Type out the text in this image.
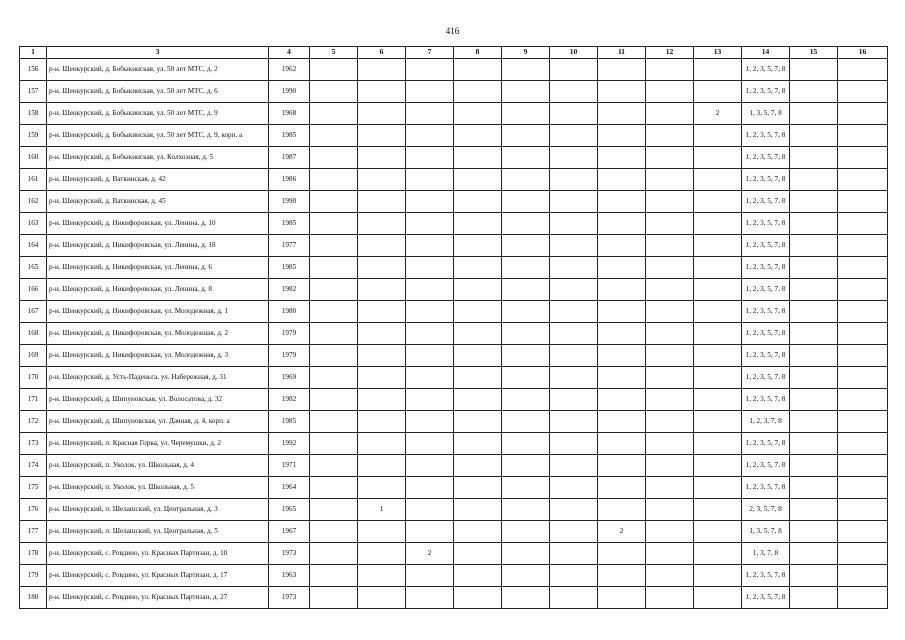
416
1	3	4	5	6	7	8	9	10	11	12	13	14	15	16
156	р-н. Шенкурский, д. Бобыкинская, ул. 50 лет МТС, д. 2	1962										1, 2, 3, 5, 7, 8		
157	р-н. Шенкурский, д. Бобыкинская, ул. 50 лет МТС, д. 6	1990										1, 2, 3, 5, 7, 8		
158	р-н. Шенкурский, д. Бобыкинская, ул. 50 лет МТС, д. 9	1968									2	1, 3, 5, 7, 8		
159	р-н. Шенкурский, д. Бобыкинская, ул. 50 лет МТС, д. 9, корп. а	1985										1, 2, 3, 5, 7, 8		
160	р-н. Шенкурский, д. Бобыкинская, ул. Колхозная, д. 5	1987										1, 2, 3, 5, 7, 8		
161	р-н. Шенкурский, д. Ваткинская, д. 42	1986										1, 2, 3, 5, 7, 8		
162	р-н. Шенкурский, д. Ваткинская, д. 45	1990										1, 2, 3, 5, 7, 8		
163	р-н. Шенкурский, д. Никифоровская, ул. Ленина, д. 10	1985										1, 2, 3, 5, 7, 8		
164	р-н. Шенкурский, д. Никифоровская, ул. Ленина, д. 18	1977										1, 2, 3, 5, 7, 8		
165	р-н. Шенкурский, д. Никифоровская, ул. Ленина, д. 6	1985										1, 2, 3, 5, 7, 8		
166	р-н. Шенкурский, д. Никифоровская, ул. Ленина, д. 8	1982										1, 2, 3, 5, 7, 8		
167	р-н. Шенкурский, д. Никифоровская, ул. Молодежная, д. 1	1980										1, 2, 3, 5, 7, 8		
168	р-н. Шенкурский, д. Никифоровская, ул. Молодежная, д. 2	1979										1, 2, 3, 5, 7, 8		
169	р-н. Шенкурский, д. Никифоровская, ул. Молодежная, д. 3	1979										1, 2, 3, 5, 7, 8		
170	р-н. Шенкурский, д. Усть-Паденьга, ул. Набережная, д. 31	1969										1, 2, 3, 5, 7, 8		
171	р-н. Шенкурский, д. Шипуновская, ул. Волосатова, д. 32	1982										1, 2, 3, 5, 7, 8		
172	р-н. Шенкурский, д. Шипуновская, ул. Дачная, д. 4, корп. а	1985										1, 2, 3, 7, 8		
173	р-н. Шенкурский, п. Красная Горка, ул. Черемушки, д. 2	1992										1, 2, 3, 5, 7, 8		
174	р-н. Шенкурский, п. Уколок, ул. Школьная, д. 4	1971										1, 2, 3, 5, 7, 8		
175	р-н. Шенкурский, п. Уколок, ул. Школьная, д. 5	1964										1, 2, 3, 5, 7, 8		
176	р-н. Шенкурский, п. Шелашский, ул. Центральная, д. 3	1965		1								2, 3, 5, 7, 8		
177	р-н. Шенкурский, п. Шелашский, ул. Центральная, д. 5	1967							2			1, 3, 5, 7, 8		
178	р-н. Шенкурский, с. Ровдино, ул. Красных Партизан, д. 10	1973			2							1, 3, 7, 8		
179	р-н. Шенкурский, с. Ровдино, ул. Красных Партизан, д. 17	1963										1, 2, 3, 5, 7, 8		
180	р-н. Шенкурский, с. Ровдино, ул. Красных Партизан, д. 27	1973										1, 2, 3, 5, 7, 8		
